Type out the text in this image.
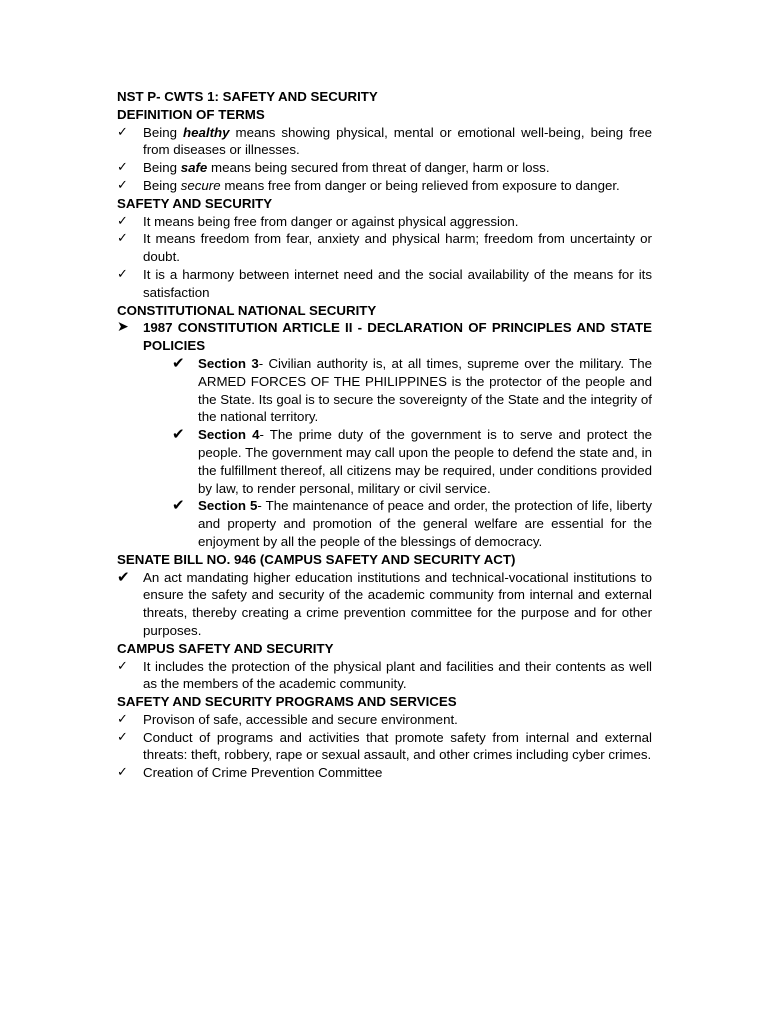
NST P- CWTS 1: SAFETY AND SECURITY
DEFINITION OF TERMS
✓	Being healthy means showing physical, mental or emotional well-being, being free from diseases or illnesses.
✓	Being safe means being secured from threat of danger, harm or loss.
✓	Being secure means free from danger or being relieved from exposure to danger.
SAFETY AND SECURITY
✓	It means being free from danger or against physical aggression.
✓	It means freedom from fear, anxiety and physical harm; freedom from uncertainty or doubt.
✓	It is a harmony between internet need and the social availability of the means for its satisfaction
CONSTITUTIONAL NATIONAL SECURITY
➤	1987 CONSTITUTION ARTICLE II - DECLARATION OF PRINCIPLES AND STATE POLICIES
✔	Section 3- Civilian authority is, at all times, supreme over the military. The ARMED FORCES OF THE PHILIPPINES is the protector of the people and the State. Its goal is to secure the sovereignty of the State and the integrity of the national territory.
✔	Section 4- The prime duty of the government is to serve and protect the people. The government may call upon the people to defend the state and, in the fulfillment thereof, all citizens may be required, under conditions provided by law, to render personal, military or civil service.
✔	Section 5- The maintenance of peace and order, the protection of life, liberty and property and promotion of the general welfare are essential for the enjoyment by all the people of the blessings of democracy.
SENATE BILL NO. 946 (CAMPUS SAFETY AND SECURITY ACT)
✔	An act mandating higher education institutions and technical-vocational institutions to ensure the safety and security of the academic community from internal and external threats, thereby creating a crime prevention committee for the purpose and for other purposes.
CAMPUS SAFETY AND SECURITY
✓	It includes the protection of the physical plant and facilities and their contents as well as the members of the academic community.
SAFETY AND SECURITY PROGRAMS AND SERVICES
✓	Provison of safe, accessible and secure environment.
✓	Conduct of programs and activities that promote safety from internal and external threats: theft, robbery, rape or sexual assault, and other crimes including cyber crimes.
✓	Creation of Crime Prevention Committee
